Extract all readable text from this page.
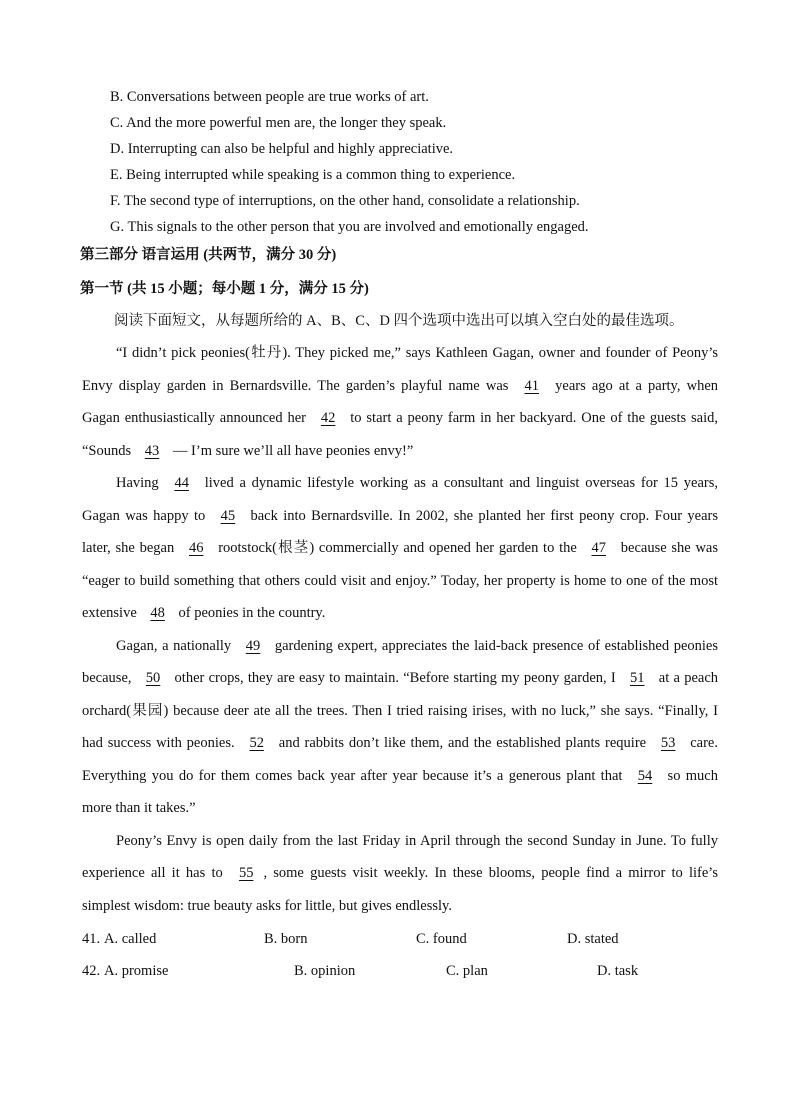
B. Conversations between people are true works of art.
C. And the more powerful men are, the longer they speak.
D. Interrupting can also be helpful and highly appreciative.
E. Being interrupted while speaking is a common thing to experience.
F. The second type of interruptions, on the other hand, consolidate a relationship.
G. This signals to the other person that you are involved and emotionally engaged.
第三部分 语言运用 (共两节，满分 30 分)
第一节 (共 15 小题；每小题 1 分，满分 15 分)
阅读下面短文，从每题所给的 A、B、C、D 四个选项中选出可以填入空白处的最佳选项。
“I didn’t pick peonies(牡丹). They picked me,” says Kathleen Gagan, owner and founder of Peony’s Envy display garden in Bernardsville. The garden’s playful name was 41 years ago at a party, when Gagan enthusiastically announced her 42 to start a peony farm in her backyard. One of the guests said, “Sounds 43 — I’m sure we’ll all have peonies envy!”
Having 44 lived a dynamic lifestyle working as a consultant and linguist overseas for 15 years, Gagan was happy to 45 back into Bernardsville. In 2002, she planted her first peony crop. Four years later, she began 46 rootstock(根茎) commercially and opened her garden to the 47 because she was “eager to build something that others could visit and enjoy.” Today, her property is home to one of the most extensive 48 of peonies in the country.
Gagan, a nationally 49 gardening expert, appreciates the laid-back presence of established peonies because, 50 other crops, they are easy to maintain. “Before starting my peony garden, I 51 at a peach orchard(果园) because deer ate all the trees. Then I tried raising irises, with no luck,” she says. “Finally, I had success with peonies. 52 and rabbits don’t like them, and the established plants require 53 care. Everything you do for them comes back year after year because it’s a generous plant that 54 so much more than it takes.”
Peony’s Envy is open daily from the last Friday in April through the second Sunday in June. To fully experience all it has to 55 , some guests visit weekly. In these blooms, people find a mirror to life’s simplest wisdom: true beauty asks for little, but gives endlessly.
41. A. called	B. born	C. found	D. stated
42. A. promise	B. opinion	C. plan	D. task
